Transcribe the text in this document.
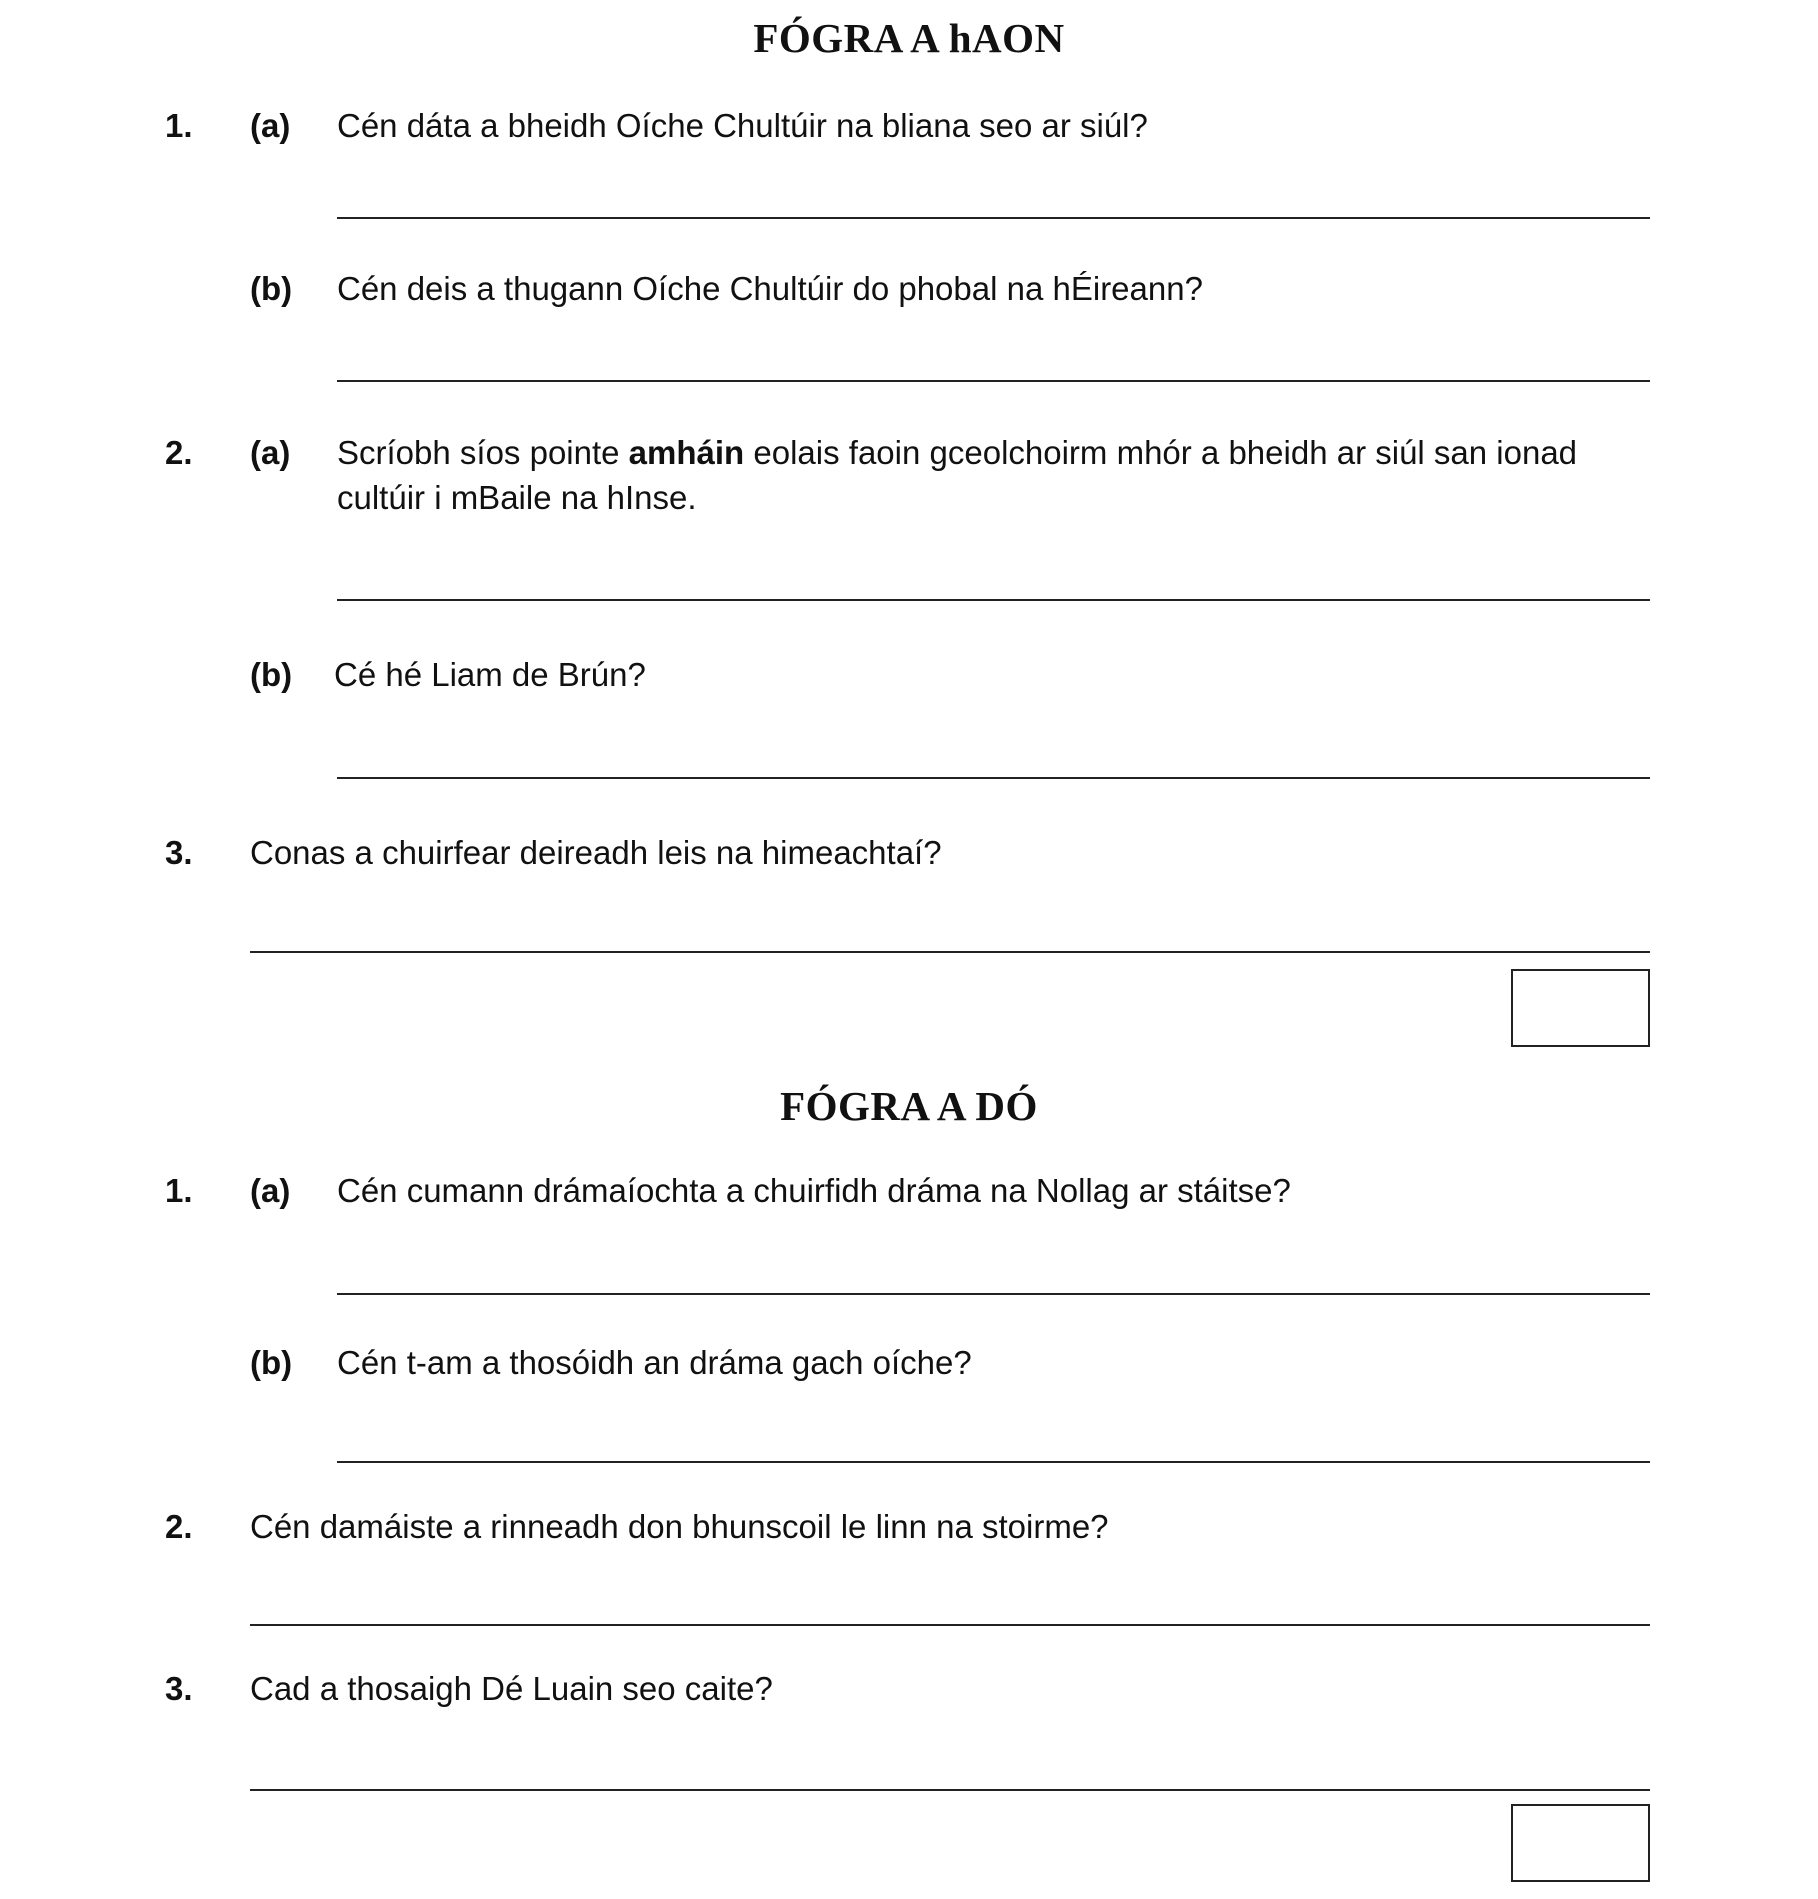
FÓGRA A hAON
1. (a) Cén dáta a bheidh Oíche Chultúir na bliana seo ar siúl?
(b) Cén deis a thugann Oíche Chultúir do phobal na hÉireann?
2. (a) Scríobh síos pointe amháin eolais faoin gceolchoirm mhór a bheidh ar siúl san ionad
cultúir i mBaile na hInse.
(b) Cé hé Liam de Brún?
3. Conas a chuirfear deireadh leis na himeachtaí?
FÓGRA A DÓ
1. (a) Cén cumann drámaíochta a chuirfidh dráma na Nollag ar stáitse?
(b) Cén t-am a thosóidh an dráma gach oíche?
2. Cén damáiste a rinneadh don bhunscoil le linn na stoirme?
3. Cad a thosaigh Dé Luain seo caite?
